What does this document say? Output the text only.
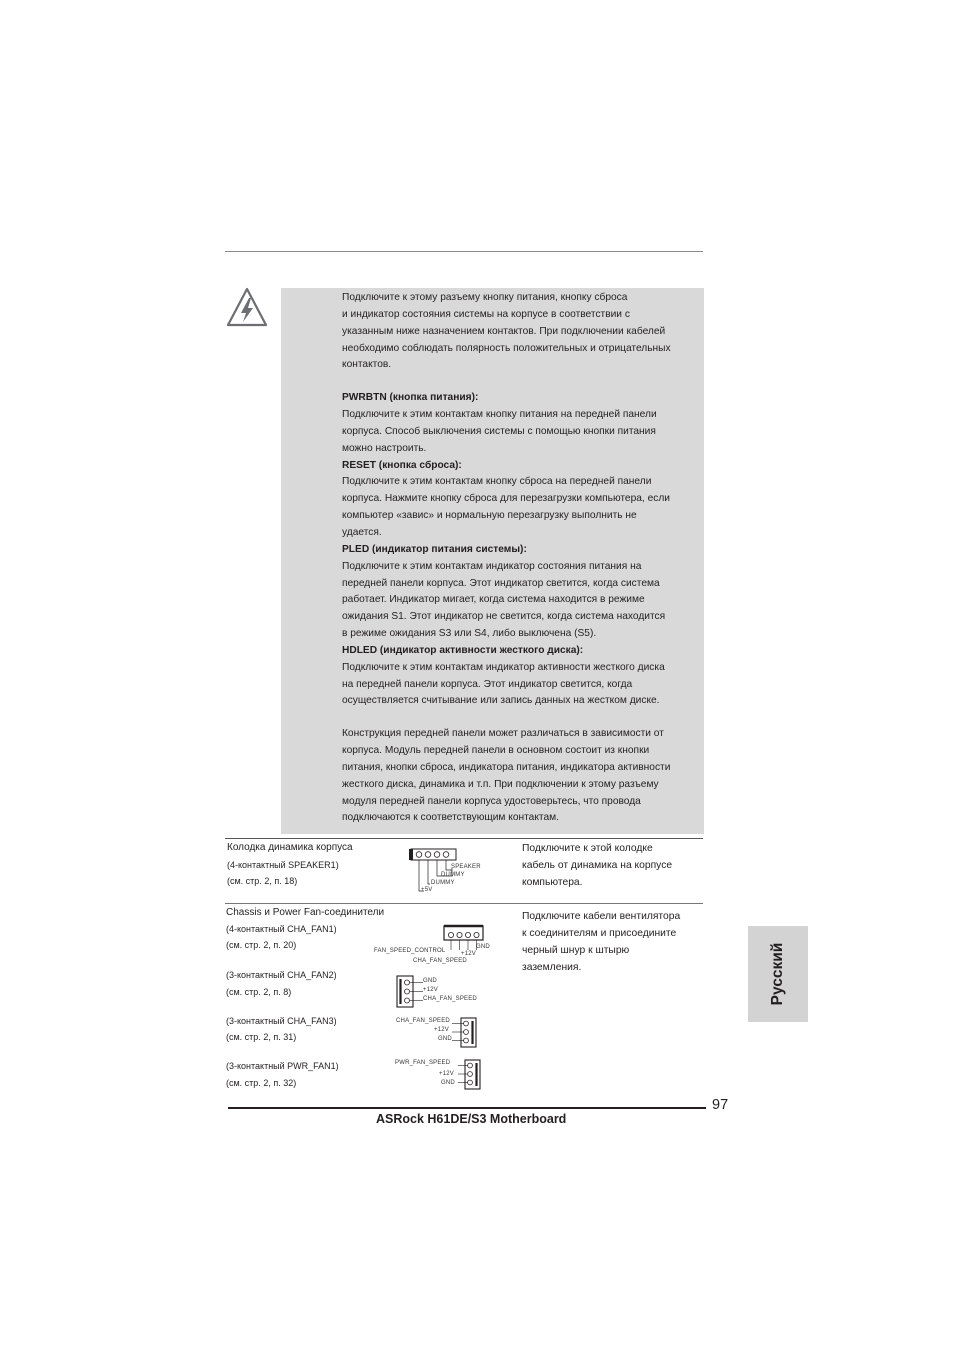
Подключите к этому разъему кнопку питания, кнопку сброса

и индикатор состояния системы на корпусе в соответствии с

указанным ниже назначением контактов. При подключении кабелей

необходимо соблюдать полярность положительных и отрицательных

контактов.

PWRBTN (кнопка питания):

Подключите к этим контактам кнопку питания на передней панели

корпуса. Способ выключения системы с помощью кнопки питания

можно настроить.

RESET (кнопка сброса):

Подключите к этим контактам кнопку сброса на передней панели

корпуса. Нажмите кнопку сброса для перезагрузки компьютера, если

компьютер «завис» и нормальную перезагрузку выполнить не

удается.

PLED (индикатор питания системы):

Подключите к этим контактам индикатор состояния питания на

передней панели корпуса. Этот индикатор светится, когда система

работает. Индикатор мигает, когда система находится в режиме

ожидания S1. Этот индикатор не светится, когда система находится

в режиме ожидания S3 или S4, либо выключена (S5).

HDLED (индикатор активности жесткого диска):

Подключите к этим контактам индикатор активности жесткого диска

на передней панели корпуса. Этот индикатор светится, когда

осуществляется считывание или запись данных на жестком диске.

Конструкция передней панели может различаться в зависимости от

корпуса. Модуль передней панели в основном состоит из кнопки

питания, кнопки сброса, индикатора питания, индикатора активности

жесткого диска, динамика и т.п. При подключении к этому разъему

модуля передней панели корпуса удостоверьтесь, что провода

подключаются к соответствующим контактам.

Колодка динамика корпуса
(4-контактный SPEAKER1)
(см. стр. 2, п. 18)
SPEAKER
DUMMY
DUMMY
+5V
Подключите к этой колодке
кабель от динамика на корпусе
компьютера.
Chassis и Power Fan-соединители
(4-контактный CHA_FAN1)
(см. стр. 2, п. 20)
FAN_SPEED_CONTROL	+12V
GND
CHA_FAN_SPEED
(3-контактный CHA_FAN2)
(см. стр. 2, п. 8)
GND
+12V
CHA_FAN_SPEED
(3-контактный CHA_FAN3)
(см. стр. 2, п. 31)
CHA_FAN_SPEED
+12V
GND
(3-контактный PWR_FAN1)
(см. стр. 2, п. 32)
PWR_FAN_SPEED
+12V
GND
Подключите кабели вентилятора
к соединителям и присоедините
черный шнур к штырю
заземления.	Русский
97
ASRock H61DE/S3 Motherboard
